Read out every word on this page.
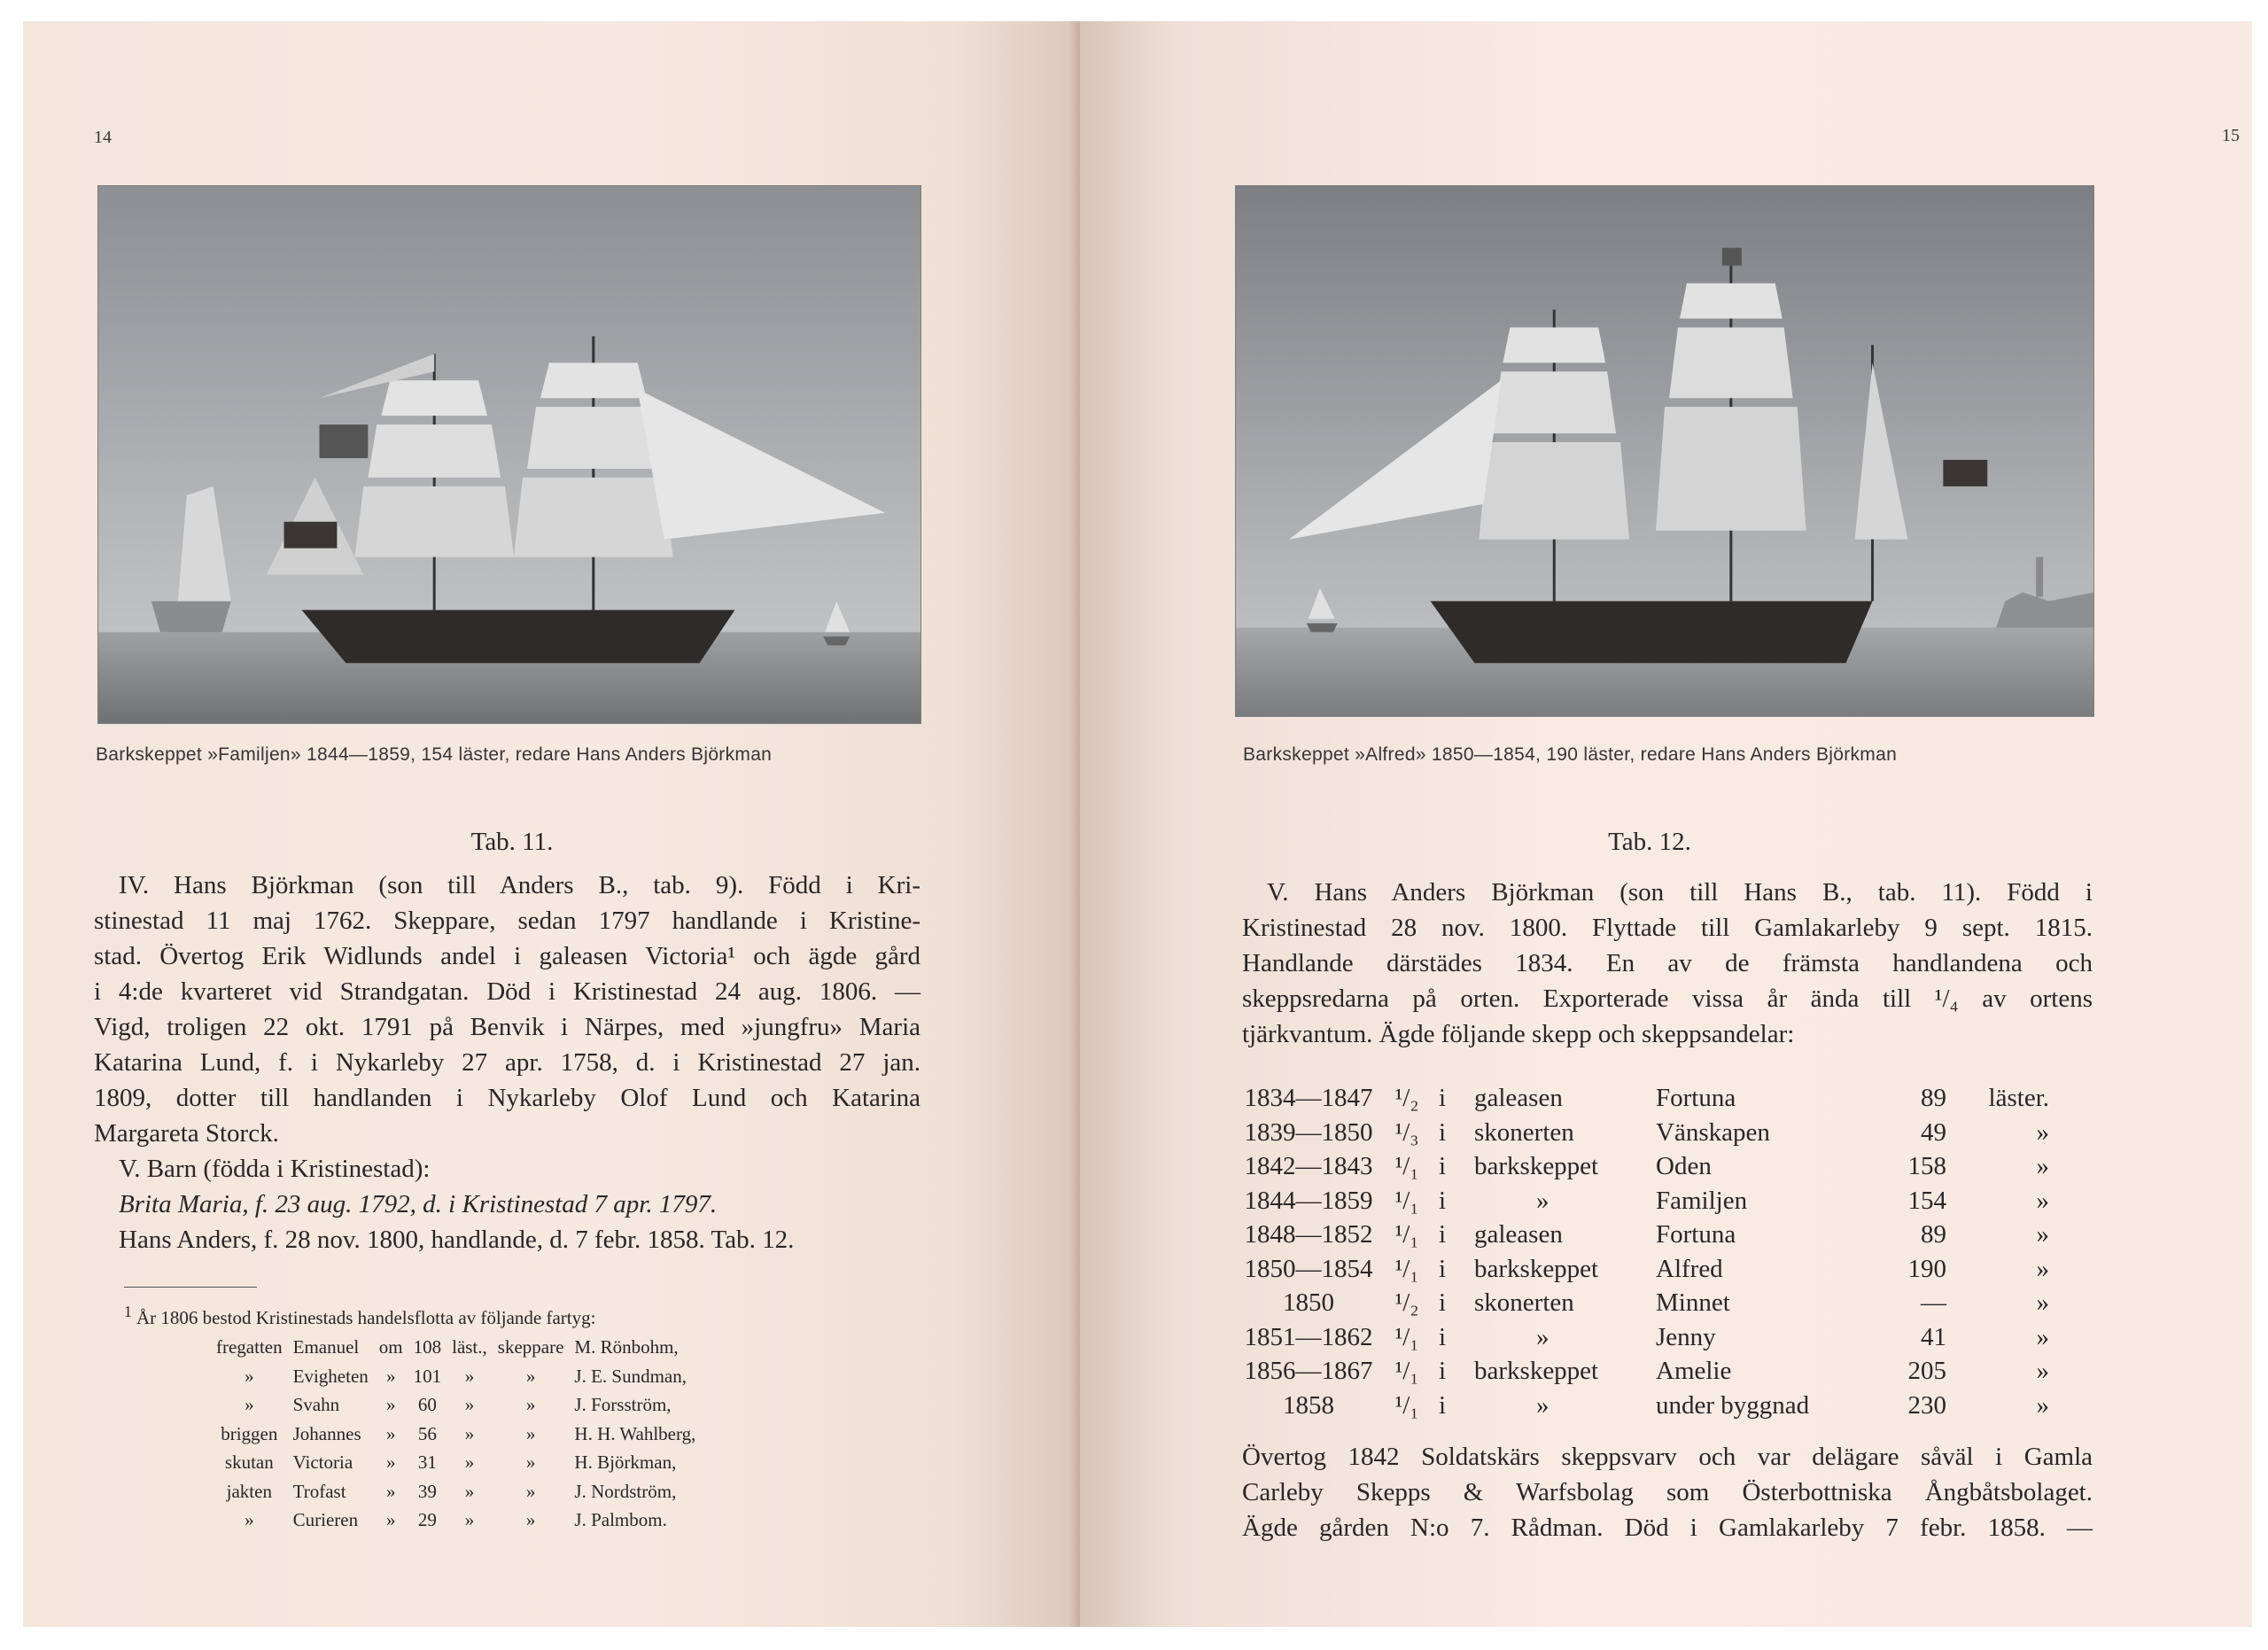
14
Barkskeppet »Familjen» 1844—1859, 154 läster, redare Hans Anders Björkman
Tab. 11.
IV. Hans Björkman (son till Anders B., tab. 9). Född i Kri-
stinestad 11 maj 1762. Skeppare, sedan 1797 handlande i Kristine-
stad. Övertog Erik Widlunds andel i galeasen Victoria¹ och ägde gård
i 4:de kvarteret vid Strandgatan. Död i Kristinestad 24 aug. 1806. —
Vigd, troligen 22 okt. 1791 på Benvik i Närpes, med »jungfru» Maria
Katarina Lund, f. i Nykarleby 27 apr. 1758, d. i Kristinestad 27 jan.
1809, dotter till handlanden i Nykarleby Olof Lund och Katarina
Margareta Storck.
V. Barn (födda i Kristinestad):
Brita Maria, f. 23 aug. 1792, d. i Kristinestad 7 apr. 1797.
Hans Anders, f. 28 nov. 1800, handlande, d. 7 febr. 1858. Tab. 12.
$^1$ År 1806 bestod Kristinestads handelsflotta av följande fartyg:
fregatten	Emanuel	om	108	läst.,	skeppare	M. Rönbohm,
»	Evigheten	»	101	»	»	J. E. Sundman,
»	Svahn	»	60	»	»	J. Forsström,
briggen	Johannes	»	56	»	»	H. H. Wahlberg,
skutan	Victoria	»	31	»	»	H. Björkman,
jakten	Trofast	»	39	»	»	J. Nordström,
»	Curieren	»	29	»	»	J. Palmbom.
15
Barkskeppet »Alfred» 1850—1854, 190 läster, redare Hans Anders Björkman
Tab. 12.
V. Hans Anders Björkman (son till Hans B., tab. 11). Född i
Kristinestad 28 nov. 1800. Flyttade till Gamlakarleby 9 sept. 1815.
Handlande därstädes 1834. En av de främsta handlandena och
skeppsredarna på orten. Exporterade vissa år ända till ¹/₄ av ortens
tjärkvantum. Ägde följande skepp och skeppsandelar:
1834—1847	¹/₂	i	galeasen	Fortuna	89	läster.
1839—1850	¹/₃	i	skonerten	Vänskapen	49	»
1842—1843	¹/₁	i	barkskeppet	Oden	158	»
1844—1859	¹/₁	i	»	Familjen	154	»
1848—1852	¹/₁	i	galeasen	Fortuna	89	»
1850—1854	¹/₁	i	barkskeppet	Alfred	190	»
1850	¹/₂	i	skonerten	Minnet	—	»
1851—1862	¹/₁	i	»	Jenny	41	»
1856—1867	¹/₁	i	barkskeppet	Amelie	205	»
1858	¹/₁	i	»	under byggnad	230	»
Övertog 1842 Soldatskärs skeppsvarv och var delägare såväl i Gamla
Carleby Skepps & Warfsbolag som Österbottniska Ångbåtsbolaget.
Ägde gården N:o 7. Rådman. Död i Gamlakarleby 7 febr. 1858. —
